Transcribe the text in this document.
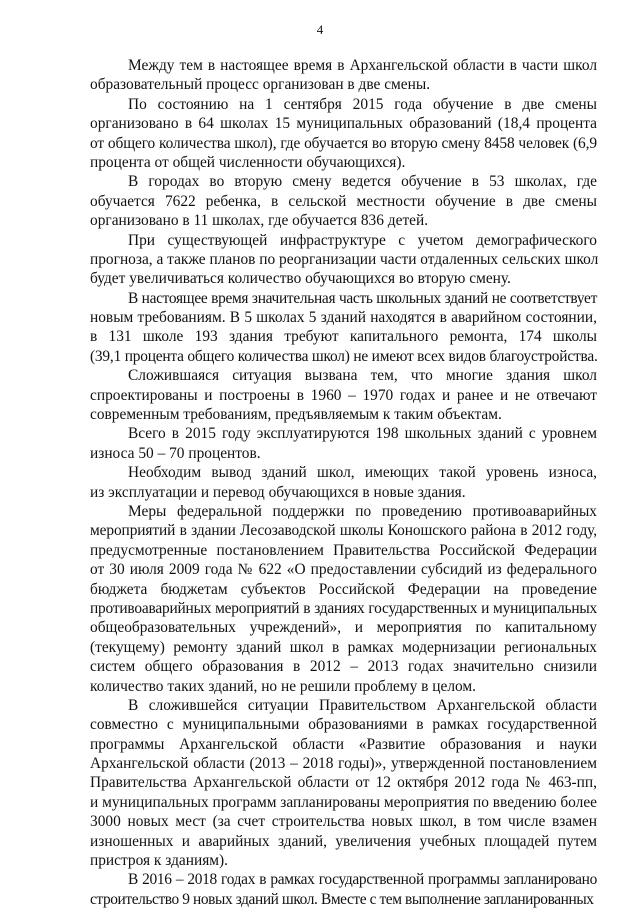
4
Между тем в настоящее время в Архангельской области в части школ
образовательный процесс организован в две смены.
По состоянию на 1 сентября 2015 года обучение в две смены
организовано в 64 школах 15 муниципальных образований (18,4 процента
от общего количества школ), где обучается во вторую смену 8458 человек (6,9
процента от общей численности обучающихся).
В городах во вторую смену ведется обучение в 53 школах, где
обучается 7622 ребенка, в сельской местности обучение в две смены
организовано в 11 школах, где обучается 836 детей.
При существующей инфраструктуре с учетом демографического
прогноза, а также планов по реорганизации части отдаленных сельских школ
будет увеличиваться количество обучающихся во вторую смену.
В настоящее время значительная часть школьных зданий не соответствует
новым требованиям. В 5 школах 5 зданий находятся в аварийном состоянии,
в 131 школе 193 здания требуют капитального ремонта, 174 школы
(39,1 процента общего количества школ) не имеют всех видов благоустройства.
Сложившаяся ситуация вызвана тем, что многие здания школ
спроектированы и построены в 1960 – 1970 годах и ранее и не отвечают
современным требованиям, предъявляемым к таким объектам.
Всего в 2015 году эксплуатируются 198 школьных зданий с уровнем
износа 50 – 70 процентов.
Необходим вывод зданий школ, имеющих такой уровень износа,
из эксплуатации и перевод обучающихся в новые здания.
Меры федеральной поддержки по проведению противоаварийных
мероприятий в здании Лесозаводской школы Коношского района в 2012 году,
предусмотренные постановлением Правительства Российской Федерации
от 30 июля 2009 года № 622 «О предоставлении субсидий из федерального
бюджета бюджетам субъектов Российской Федерации на проведение
противоаварийных мероприятий в зданиях государственных и муниципальных
общеобразовательных учреждений», и мероприятия по капитальному
(текущему) ремонту зданий школ в рамках модернизации региональных
систем общего образования в 2012 – 2013 годах значительно снизили
количество таких зданий, но не решили проблему в целом.
В сложившейся ситуации Правительством Архангельской области
совместно с муниципальными образованиями в рамках государственной
программы Архангельской области «Развитие образования и науки
Архангельской области (2013 – 2018 годы)», утвержденной постановлением
Правительства Архангельской области от 12 октября 2012 года № 463-пп,
и муниципальных программ запланированы мероприятия по введению более
3000 новых мест (за счет строительства новых школ, в том числе взамен
изношенных и аварийных зданий, увеличения учебных площадей путем
пристроя к зданиям).
В 2016 – 2018 годах в рамках государственной программы запланировано
строительство 9 новых зданий школ. Вместе с тем выполнение запланированных
